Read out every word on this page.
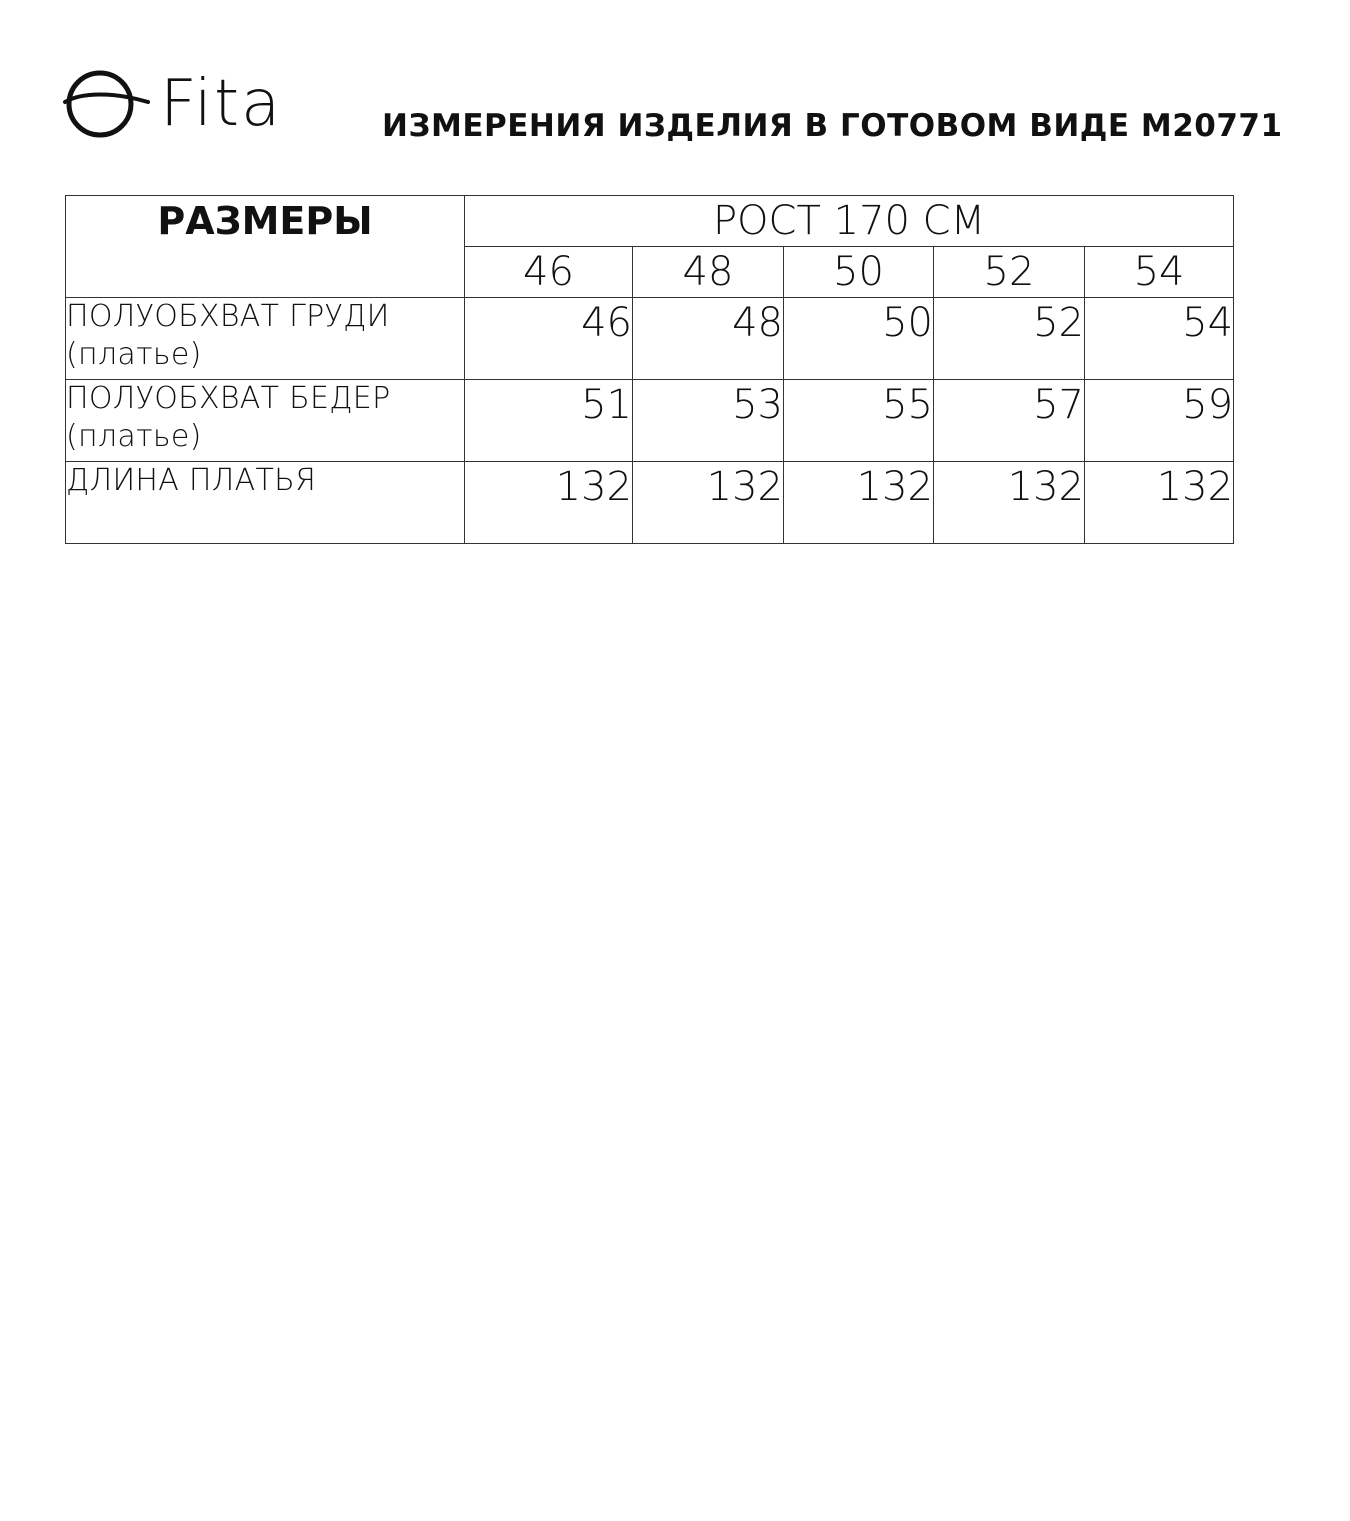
Fita	ИЗМЕРЕНИЯ ИЗДЕЛИЯ В ГОТОВОМ ВИДЕ М20771
РАЗМЕРЫ	РОСТ 170 СМ				
	46	48	50	52	54

ПОЛУОБХВАТ ГРУДИ
(платье)	46	48	50	52	54

ПОЛУОБХВАТ БЕДЕР
(платье)	51	53	55	57	59

ДЛИНА ПЛАТЬЯ	132	132	132	132	132
